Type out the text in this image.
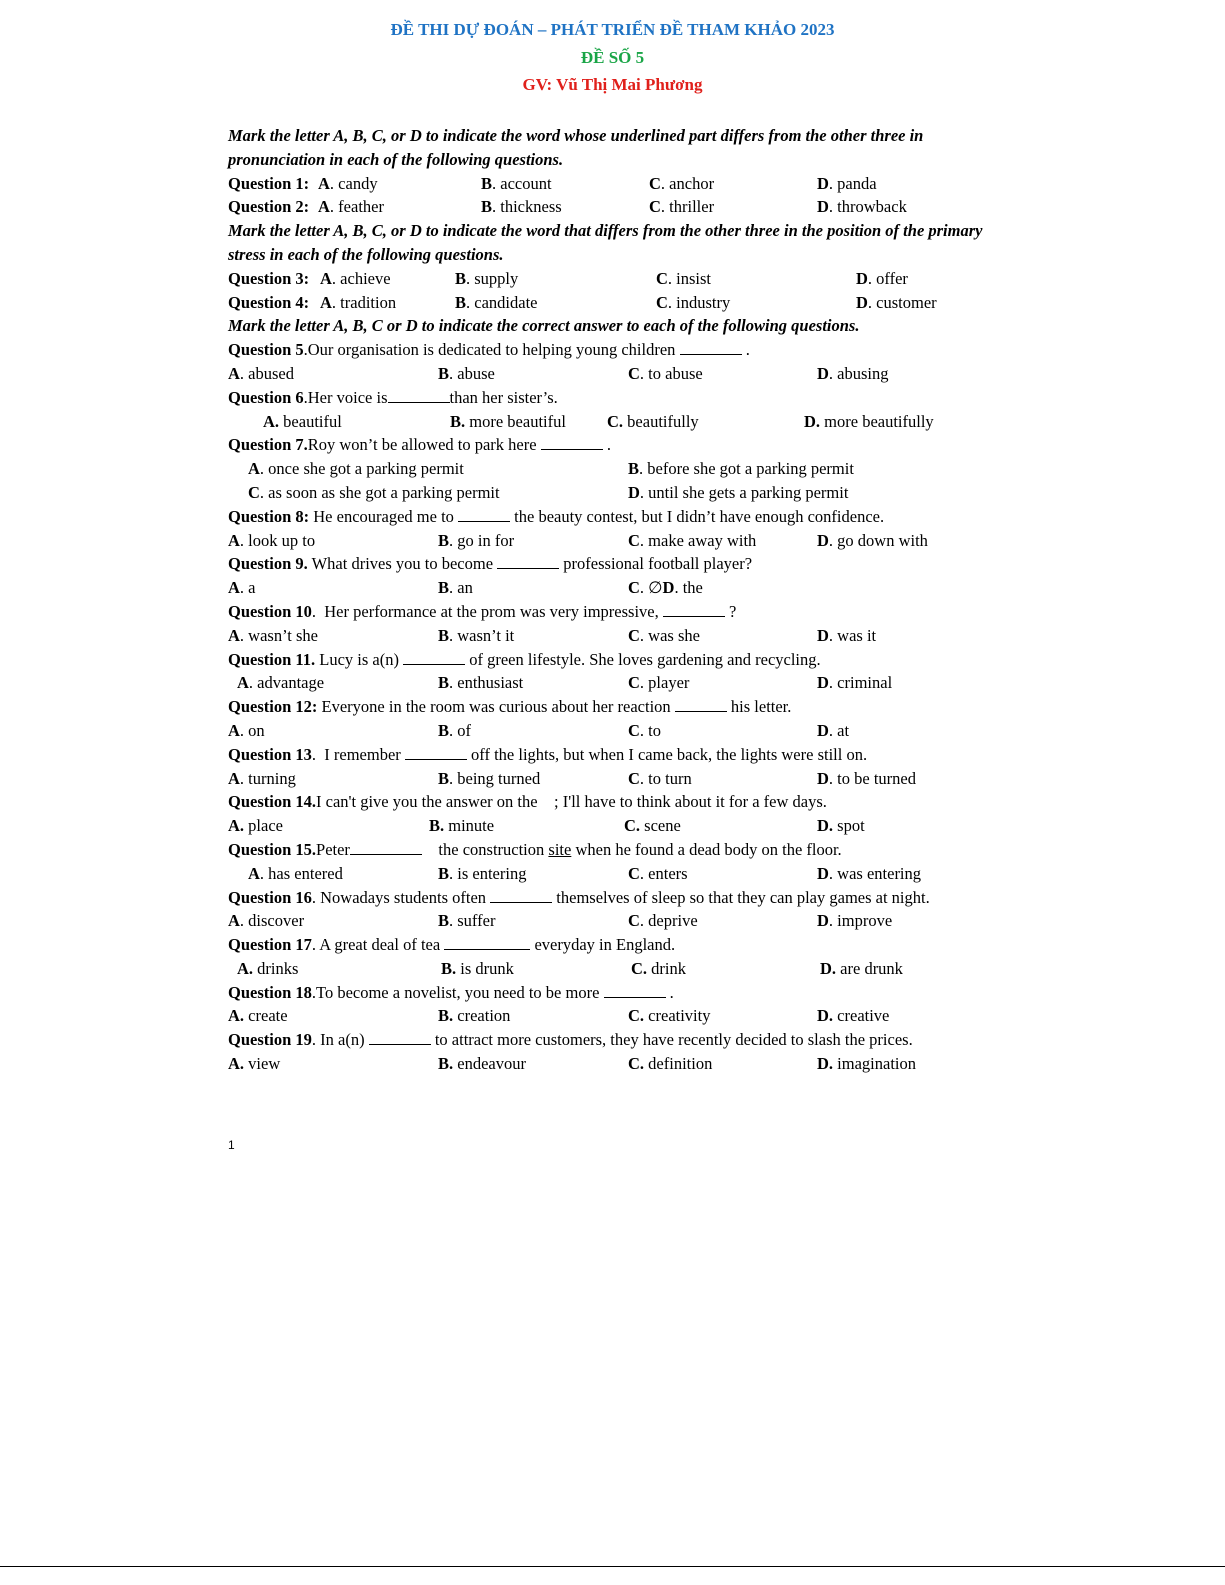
ĐỀ THI DỰ ĐOÁN – PHÁT TRIỂN ĐỀ THAM KHẢO 2023
ĐỀ SỐ 5
GV: Vũ Thị Mai Phương
Mark the letter A, B, C, or D to indicate the word whose underlined part differs from the other three in pronunciation in each of the following questions.
Question 1: A. candy	B. account	C. anchor	D. panda
Question 2: A. feather	B. thickness	C. thriller	D. throwback
Mark the letter A, B, C, or D to indicate the word that differs from the other three in the position of the primary stress in each of the following questions.
Question 3: A. achieve	B. supply	C. insist	D. offer
Question 4: A. tradition	B. candidate	C. industry	D. customer
Mark the letter A, B, C or D to indicate the correct answer to each of the following questions.
Question 5.Our organisation is dedicated to helping young children	.
A. abused	B. abuse	C. to abuse	D. abusing
Question 6.Her voice is	than her sister’s.
A. beautiful	B. more beautiful C. beautifully	D. more beautifully
Question 7.Roy won’t be allowed to park here	.
A. once she got a parking permit	B. before she got a parking permit
C. as soon as she got a parking permit	D. until she gets a parking permit
Question 8: He encouraged me to	the beauty contest, but I didn’t have enough confidence.
A. look up to	B. go in for	C. make away with	D. go down with
Question 9. What drives you to become	professional football player?
A. a	B. an	C. ∅D. the
Question 10.  Her performance at the prom was very impressive,	?
A. wasn’t she	B. wasn’t it	C. was she	D. was it
Question 11. Lucy is a(n)	of green lifestyle. She loves gardening and recycling.
A. advantage	B. enthusiast	C. player	D. criminal
Question 12: Everyone in the room was curious about her reaction	his letter.
A. on	B. of	C. to	D. at
Question 13.  I remember	off the lights, but when I came back, the lights were still on.
A. turning	B. being turned	C. to turn	D. to be turned
Question 14.I can't give you the answer on the ; I'll have to think about it for a few days.
A. place	B. minute	C. scene	D. spot
Question 15.Peter	the construction site when he found a dead body on the floor.
A. has entered	B. is entering	C. enters	D. was entering
Question 16. Nowadays students often	themselves of sleep so that they can play games at night.
A. discover	B. suffer	C. deprive	D. improve
Question 17. A great deal of tea	everyday in England.
A. drinks	B. is drunk	C. drink	D. are drunk
Question 18.To become a novelist, you need to be more	.
A. create	B. creation	C. creativity	D. creative
Question 19. In a(n)	to attract more customers, they have recently decided to slash the prices.
A. view	B. endeavour	C. definition	D. imagination
1
